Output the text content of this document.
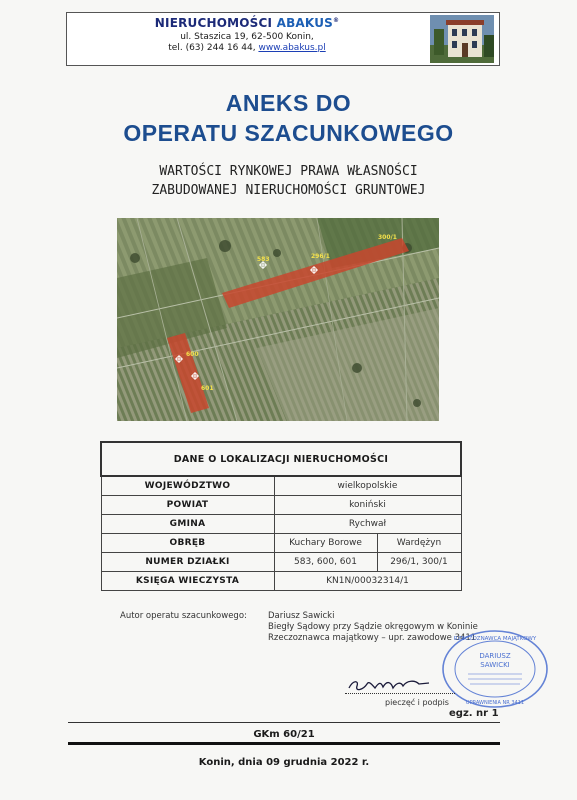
NIERUCHOMOŚCI ABAKUS®
ul. Staszica 19, 62-500 Konin,
tel. (63) 244 16 44, www.abakus.pl
ANEKS DO
OPERATU SZACUNKOWEGO
WARTOŚCI RYNKOWEJ PRAWA WŁASNOŚCI
ZABUDOWANEJ NIERUCHOMOŚCI GRUNTOWEJ
583	296/1
300/1
600
601
DANE O LOKALIZACJI NIERUCHOMOŚCI		
WOJEWÓDZTWO	wielkopolskie	
POWIAT	koniński	
GMINA	Rychwał	
OBRĘB	Kuchary Borowe	Wardężyn
NUMER DZIAŁKI	583, 600, 601	296/1, 300/1
KSIĘGA WIECZYSTA	KN1N/00032314/1	
Autor operatu szacunkowego: Dariusz Sawicki
Biegły Sądowy przy Sądzie okręgowym w Koninie
Rzeczoznawca majątkowy – upr. zawodowe 3411
RZECZOZNAWCA MAJĄTKOWY
DARIUSZ
SAWICKI
UPRAWNIENIA NR 3411
pieczęć i podpis
egz. nr 1
GKm 60/21
Konin, dnia 09 grudnia 2022 r.
